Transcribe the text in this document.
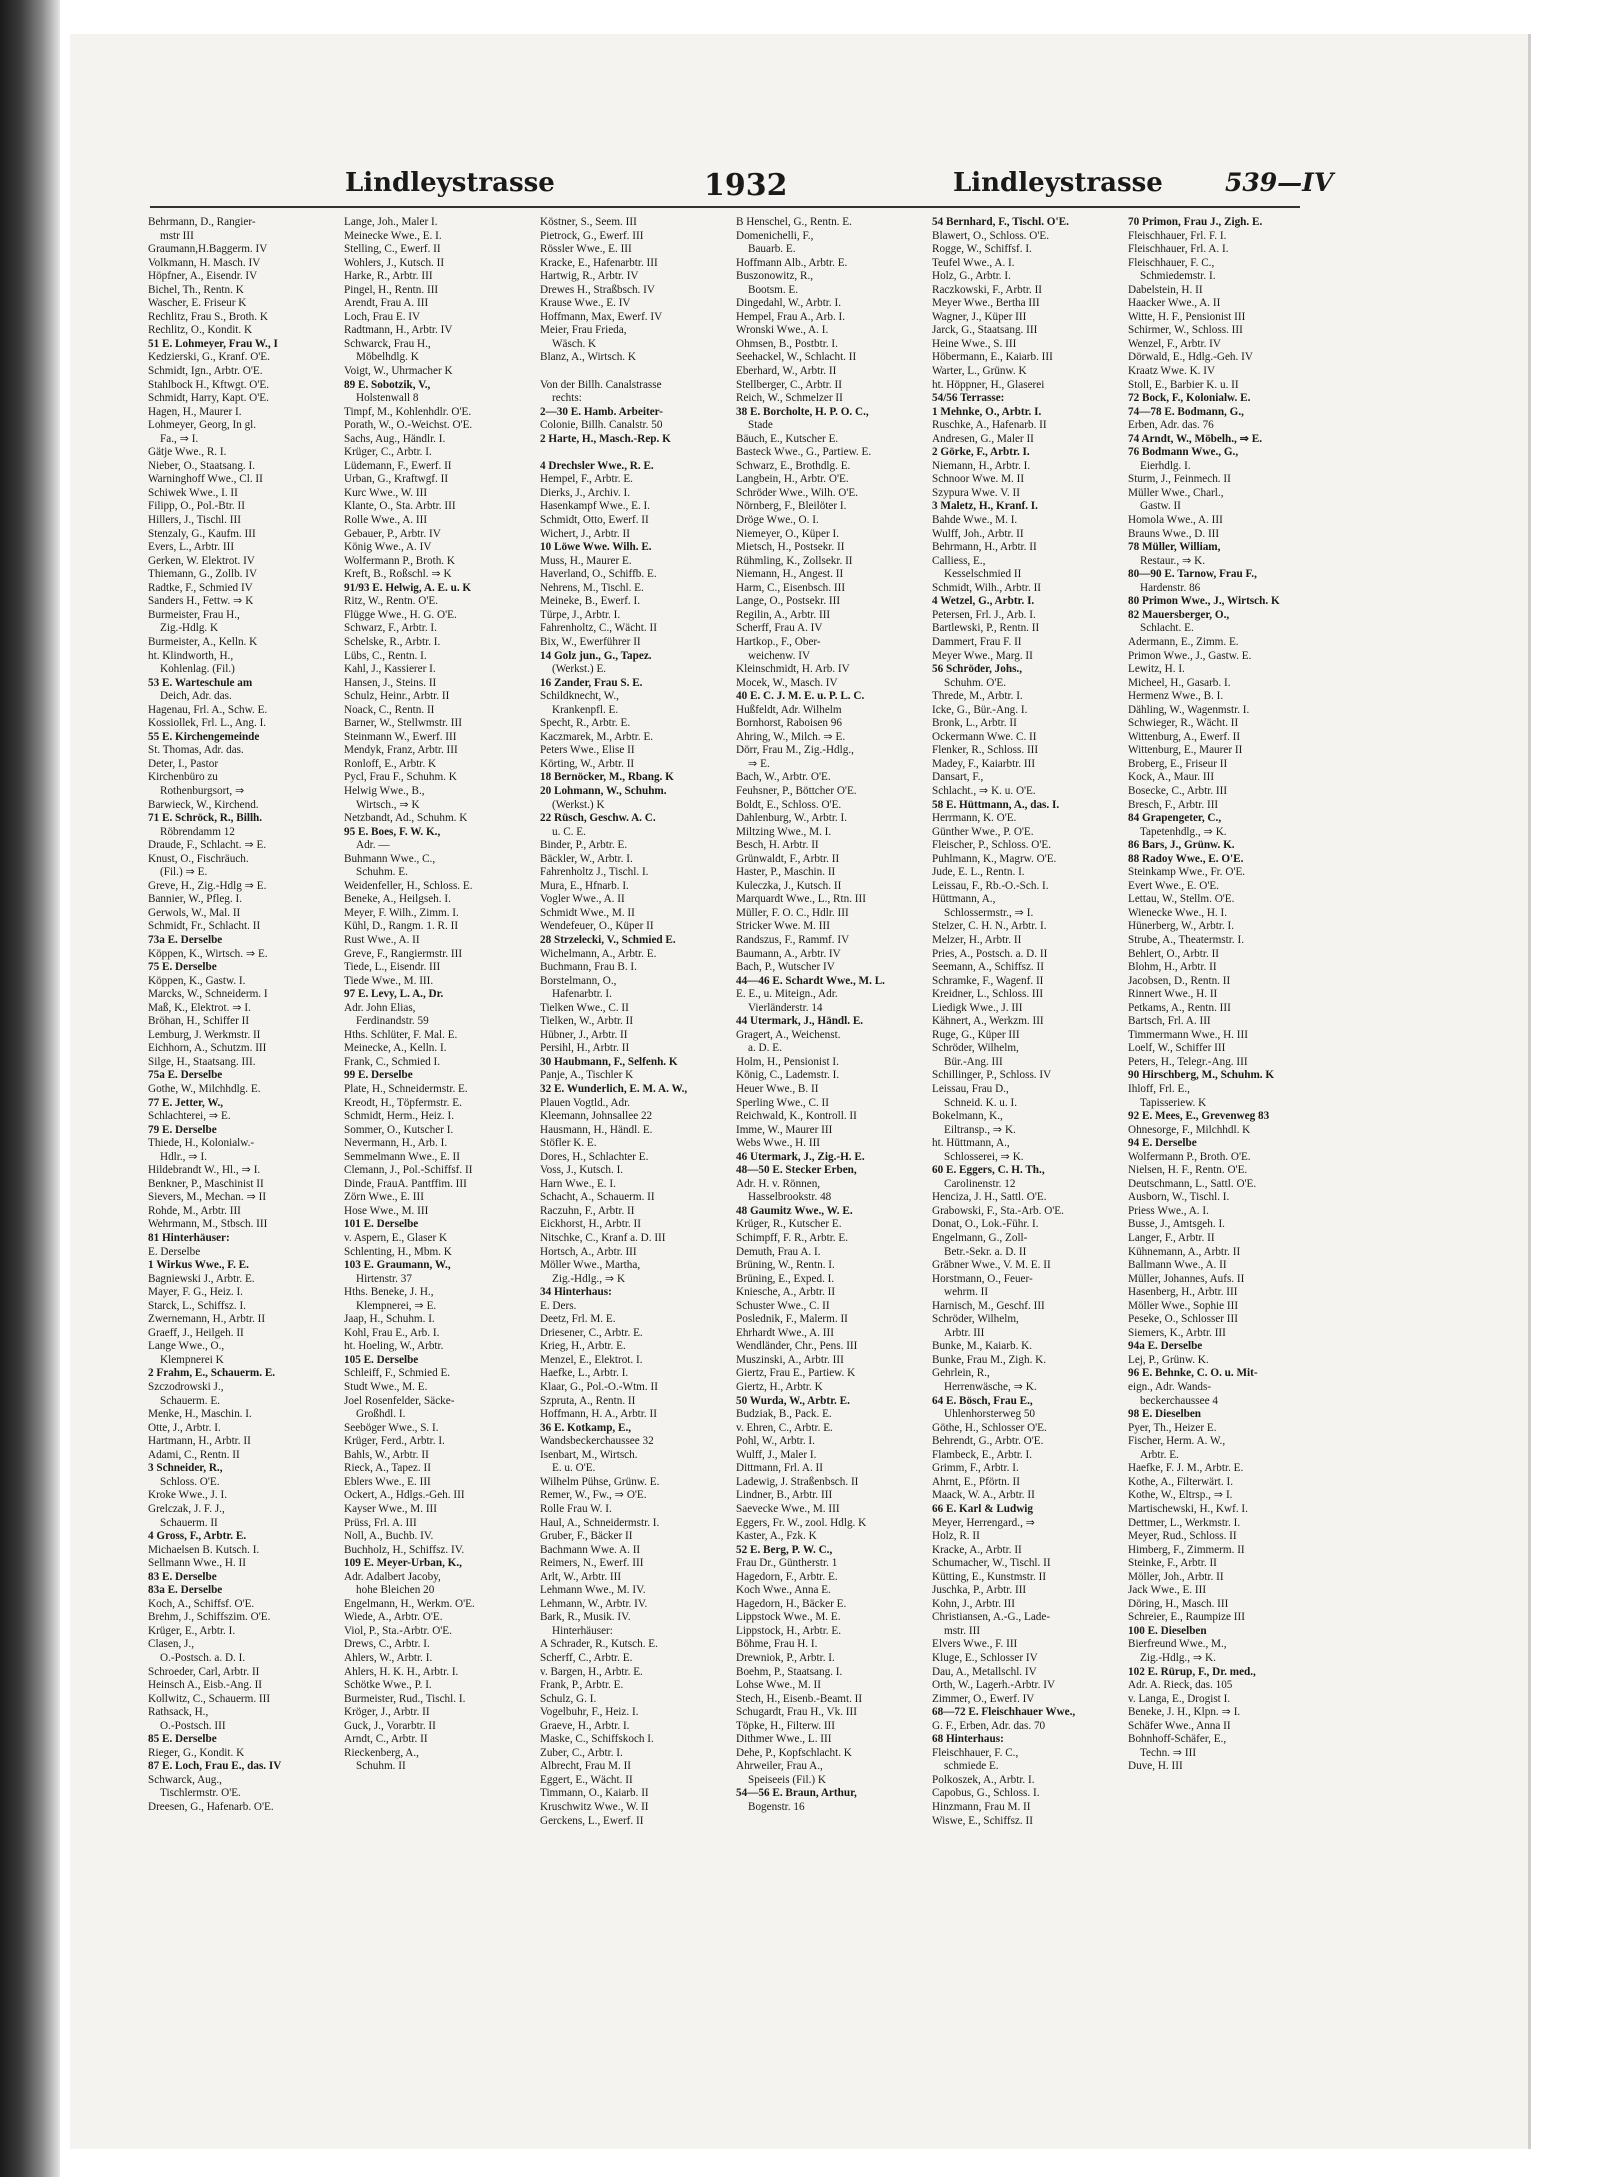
Lindleystrasse	1932	Lindleystrasse 539—IV
Behrmann, D., Rangier-
mstr III
Graumann,H.Baggerm. IV
Volkmann, H. Masch. IV
Höpfner, A., Eisendr. IV
Bichel, Th., Rentn. K
Wascher, E. Friseur K
Rechlitz, Frau S., Broth. K
Rechlitz, O., Kondit. K
51 E. Lohmeyer, Frau W., I
Kedzierski, G., Kranf. O'E.
Schmidt, Ign., Arbtr. O'E.
Stahlbock H., Kftwgt. O'E.
Schmidt, Harry, Kapt. O'E.
Hagen, H., Maurer I.
Lohmeyer, Georg, In gl.
Fa., ⇒ I.
Gätje Wwe., R. I.
Nieber, O., Staatsang. I.
Warninghoff Wwe., Cl. II
Schiwek Wwe., I. II
Filipp, O., Pol.-Btr. II
Hillers, J., Tischl. III
Stenzaly, G., Kaufm. III
Evers, L., Arbtr. III
Gerken, W. Elektrot. IV
Thiemann, G., Zollb. IV
Radtke, F., Schmied IV
Sanders H., Fettw. ⇒ K
Burmeister, Frau H.,
Zig.-Hdlg. K
Burmeister, A., Kelln. K
ht. Klindworth, H.,
Kohlenlag. (Fil.)
53 E. Warteschule am
Deich, Adr. das.
Hagenau, Frl. A., Schw. E.
Kossiollek, Frl. L., Ang. I.
55 E. Kirchengemeinde
St. Thomas, Adr. das.
Deter, I., Pastor
Kirchenbüro zu
Rothenburgsort, ⇒
Barwieck, W., Kirchend.
71 E. Schröck, R., Billh.
Röbrendamm 12
Draude, F., Schlacht. ⇒ E.
Knust, O., Fischräuch.
(Fil.) ⇒ E.
Greve, H., Zig.-Hdlg ⇒ E.
Bannier, W., Pfleg. I.
Gerwols, W., Mal. II
Schmidt, Fr., Schlacht. II
73a E. Derselbe
Köppen, K., Wirtsch. ⇒ E.
75 E. Derselbe
Köppen, K., Gastw. I.
Marcks, W., Schneiderm. I
Maß, K., Elektrot. ⇒ I.
Bröhan, H., Schiffer II
Lemburg, J. Werkmstr. II
Eichhorn, A., Schutzm. III
Silge, H., Staatsang. III.
75a E. Derselbe
Gothe, W., Milchhdlg. E.
77 E. Jetter, W.,
Schlachterei, ⇒ E.
79 E. Derselbe
Thiede, H., Kolonialw.-
Hdlr., ⇒ I.
Hildebrandt W., Hl., ⇒ I.
Benkner, P., Maschinist II
Sievers, M., Mechan. ⇒ II
Rohde, M., Arbtr. III
Wehrmann, M., Stbsch. III
81 Hinterhäuser:
E. Derselbe
1 Wirkus Wwe., F. E.
Bagniewski J., Arbtr. E.
Mayer, F. G., Heiz. I.
Starck, L., Schiffsz. I.
Zwernemann, H., Arbtr. II
Graeff, J., Heilgeh. II
Lange Wwe., O.,
Klempnerei K
2 Frahm, E., Schauerm. E.
Szczodrowski J.,
Schauerm. E.
Menke, H., Maschin. I.
Otte, J., Arbtr. I.
Hartmann, H., Arbtr. II
Adami, C., Rentn. II
3 Schneider, R.,
Schloss. O'E.
Kroke Wwe., J. I.
Grelczak, J. F. J.,
Schauerm. II
4 Gross, F., Arbtr. E.
Michaelsen B. Kutsch. I.
Sellmann Wwe., H. II
83 E. Derselbe
83a E. Derselbe
Koch, A., Schiffsf. O'E.
Brehm, J., Schiffszim. O'E.
Krüger, E., Arbtr. I.
Clasen, J.,
O.-Postsch. a. D. I.
Schroeder, Carl, Arbtr. II
Heinsch A., Eisb.-Ang. II
Kollwitz, C., Schauerm. III
Rathsack, H.,
O.-Postsch. III
85 E. Derselbe
Rieger, G., Kondit. K
87 E. Loch, Frau E., das. IV
Schwarck, Aug.,
Tischlermstr. O'E.
Dreesen, G., Hafenarb. O'E.
Lange, Joh., Maler I.
Meinecke Wwe., E. I.
Stelling, C., Ewerf. II
Wohlers, J., Kutsch. II
Harke, R., Arbtr. III
Pingel, H., Rentn. III
Arendt, Frau A. III
Loch, Frau E. IV
Radtmann, H., Arbtr. IV
Schwarck, Frau H.,
Möbelhdlg. K
Voigt, W., Uhrmacher K
89 E. Sobotzik, V.,
Holstenwall 8
Timpf, M., Kohlenhdlr. O'E.
Porath, W., O.-Weichst. O'E.
Sachs, Aug., Händlr. I.
Krüger, C., Arbtr. I.
Lüdemann, F., Ewerf. II
Urban, G., Kraftwgf. II
Kurc Wwe., W. III
Klante, O., Sta. Arbtr. III
Rolle Wwe., A. III
Gebauer, P., Arbtr. IV
König Wwe., A. IV
Wolfermann P., Broth. K
Kreft, B., Roßschl. ⇒ K
91/93 E. Helwig, A. E. u. K
Ritz, W., Rentn. O'E.
Flügge Wwe., H. G. O'E.
Schwarz, F., Arbtr. I.
Schelske, R., Arbtr. I.
Lübs, C., Rentn. I.
Kahl, J., Kassierer I.
Hansen, J., Steins. II
Schulz, Heinr., Arbtr. II
Noack, C., Rentn. II
Barner, W., Stellwmstr. III
Steinmann W., Ewerf. III
Mendyk, Franz, Arbtr. III
Ronloff, E., Arbtr. K
Pycl, Frau F., Schuhm. K
Helwig Wwe., B.,
Wirtsch., ⇒ K
Netzbandt, Ad., Schuhm. K
95 E. Boes, F. W. K.,
Adr. —
Buhmann Wwe., C.,
Schuhm. E.
Weidenfeller, H., Schloss. E.
Beneke, A., Heilgseh. I.
Meyer, F. Wilh., Zimm. I.
Kühl, D., Rangm. 1. R. II
Rust Wwe., A. II
Greve, F., Rangiermstr. III
Tiede, L., Eisendr. III
Tiede Wwe., M. III.
97 E. Levy, L. A., Dr.
Adr. John Elias,
Ferdinandstr. 59
Hths. Schlüter, F. Mal. E.
Meinecke, A., Kelln. I.
Frank, C., Schmied I.
99 E. Derselbe
Plate, H., Schneidermstr. E.
Kreodt, H., Töpfermstr. E.
Schmidt, Herm., Heiz. I.
Sommer, O., Kutscher I.
Nevermann, H., Arb. I.
Semmelmann Wwe., E. II
Clemann, J., Pol.-Schiffsf. II
Dinde, FrauA. Pantffim. III
Zörn Wwe., E. III
Hose Wwe., M. III
101 E. Derselbe
v. Aspern, E., Glaser K
Schlenting, H., Mbm. K
103 E. Graumann, W.,
Hirtenstr. 37
Hths. Beneke, J. H.,
Klempnerei, ⇒ E.
Jaap, H., Schuhm. I.
Kohl, Frau E., Arb. I.
ht. Hoeling, W., Arbtr.
105 E. Derselbe
Schleiff, F., Schmied E.
Studt Wwe., M. E.
Joel Rosenfelder, Säcke-
Großhdl. I.
Seeböger Wwe., S. I.
Krüger, Ferd., Arbtr. I.
Bahls, W., Arbtr. II
Rieck, A., Tapez. II
Eblers Wwe., E. III
Ockert, A., Hdlgs.-Geh. III
Kayser Wwe., M. III
Prüss, Frl. A. III
Noll, A., Buchb. IV.
Buchholz, H., Schiffsz. IV.
109 E. Meyer-Urban, K.,
Adr. Adalbert Jacoby,
hohe Bleichen 20
Engelmann, H., Werkm. O'E.
Wiede, A., Arbtr. O'E.
Viol, P., Sta.-Arbtr. O'E.
Drews, C., Arbtr. I.
Ahlers, W., Arbtr. I.
Ahlers, H. K. H., Arbtr. I.
Schötke Wwe., P. I.
Burmeister, Rud., Tischl. I.
Kröger, J., Arbtr. II
Guck, J., Vorarbtr. II
Arndt, C., Arbtr. II
Rieckenberg, A.,
Schuhm. II
Köstner, S., Seem. III
Pietrock, G., Ewerf. III
Rössler Wwe., E. III
Kracke, E., Hafenarbtr. III
Hartwig, R., Arbtr. IV
Drewes H., Straßbsch. IV
Krause Wwe., E. IV
Hoffmann, Max, Ewerf. IV
Meier, Frau Frieda,
Wäsch. K
Blanz, A., Wirtsch. K

Von der Billh. Canalstrasse
rechts:
2—30 E. Hamb. Arbeiter-
Colonie, Billh. Canalstr. 50
2 Harte, H., Masch.-Rep. K

4 Drechsler Wwe., R. E.
Hempel, F., Arbtr. E.
Dierks, J., Archiv. I.
Hasenkampf Wwe., E. I.
Schmidt, Otto, Ewerf. II
Wichert, J., Arbtr. II
10 Löwe Wwe. Wilh. E.
Muss, H., Maurer E.
Haverland, O., Schiffb. E.
Nehrens, M., Tischl. E.
Meineke, B., Ewerf. I.
Türpe, J., Arbtr. I.
Fahrenholtz, C., Wächt. II
Bix, W., Ewerführer II
14 Golz jun., G., Tapez.
(Werkst.) E.
16 Zander, Frau S. E.
Schildknecht, W.,
Krankenpfl. E.
Specht, R., Arbtr. E.
Kaczmarek, M., Arbtr. E.
Peters Wwe., Elise II
Körting, W., Arbtr. II
18 Bernöcker, M., Rbang. K
20 Lohmann, W., Schuhm.
(Werkst.) K
22 Rüsch, Geschw. A. C.
u. C. E.
Binder, P., Arbtr. E.
Bäckler, W., Arbtr. I.
Fahrenholtz J., Tischl. I.
Mura, E., Hfnarb. I.
Vogler Wwe., A. II
Schmidt Wwe., M. II
Wendefeuer, O., Küper II
28 Strzelecki, V., Schmied E.
Wichelmann, A., Arbtr. E.
Buchmann, Frau B. I.
Borstelmann, O.,
Hafenarbtr. I.
Tielken Wwe., C. II
Tielken, W., Arbtr. II
Hübner, J., Arbtr. II
Persihl, H., Arbtr. II
30 Haubmann, F., Selfenh. K
Panje, A., Tischler K
32 E. Wunderlich, E. M. A. W.,
Plauen Vogtld., Adr.
Kleemann, Johnsallee 22
Hausmann, H., Händl. E.
Stöfler K. E.
Dores, H., Schlachter E.
Voss, J., Kutsch. I.
Harn Wwe., E. I.
Schacht, A., Schauerm. II
Raczuhn, F., Arbtr. II
Eickhorst, H., Arbtr. II
Nitschke, C., Kranf a. D. III
Hortsch, A., Arbtr. III
Möller Wwe., Martha,
Zig.-Hdlg., ⇒ K
34 Hinterhaus:
E. Ders.
Deetz, Frl. M. E.
Driesener, C., Arbtr. E.
Krieg, H., Arbtr. E.
Menzel, E., Elektrot. I.
Haefke, L., Arbtr. I.
Klaar, G., Pol.-O.-Wtm. II
Szpruta, A., Rentn. II
Hoffmann, H. A., Arbtr. II
36 E. Kotkamp, E.,
Wandsbeckerchaussee 32
Isenbart, M., Wirtsch.
E. u. O'E.
Wilhelm Pühse, Grünw. E.
Remer, W., Fw., ⇒ O'E.
Rolle Frau W. I.
Haul, A., Schneidermstr. I.
Gruber, F., Bäcker II
Bachmann Wwe. A. II
Reimers, N., Ewerf. III
Arlt, W., Arbtr. III
Lehmann Wwe., M. IV.
Lehmann, W., Arbtr. IV.
Bark, R., Musik. IV.
Hinterhäuser:
A Schrader, R., Kutsch. E.
Scherff, C., Arbtr. E.
v. Bargen, H., Arbtr. E.
Frank, P., Arbtr. E.
Schulz, G. I.
Vogelbuhr, F., Heiz. I.
Graeve, H., Arbtr. I.
Maske, C., Schiffskoch I.
Zuber, C., Arbtr. I.
Albrecht, Frau M. II
Eggert, E., Wächt. II
Timmann, O., Kaiarb. II
Kruschwitz Wwe., W. II
Gerckens, L., Ewerf. II
B Henschel, G., Rentn. E.
Domenichelli, F.,
Bauarb. E.
Hoffmann Alb., Arbtr. E.
Buszonowitz, R.,
Bootsm. E.
Dingedahl, W., Arbtr. I.
Hempel, Frau A., Arb. I.
Wronski Wwe., A. I.
Ohmsen, B., Postbtr. I.
Seehackel, W., Schlacht. II
Eberhard, W., Arbtr. II
Stellberger, C., Arbtr. II
Reich, W., Schmelzer II
38 E. Borcholte, H. P. O. C.,
Stade
Bäuch, E., Kutscher E.
Basteck Wwe., G., Partiew. E.
Schwarz, E., Brothdlg. E.
Langbein, H., Arbtr. O'E.
Schröder Wwe., Wilh. O'E.
Nörnberg, F., Bleilöter I.
Dröge Wwe., O. I.
Niemeyer, O., Küper I.
Mietsch, H., Postsekr. II
Rühmling, K., Zollsekr. II
Niemann, H., Angest. II
Harm, C., Eisenbsch. III
Lange, O., Postsekr. III
Regilin, A., Arbtr. III
Scherff, Frau A. IV
Hartkop., F., Ober-
weichenw. IV
Kleinschmidt, H. Arb. IV
Mocek, W., Masch. IV
40 E. C. J. M. E. u. P. L. C.
Hußfeldt, Adr. Wilhelm
Bornhorst, Raboisen 96
Ahring, W., Milch. ⇒ E.
Dörr, Frau M., Zig.-Hdlg.,
⇒ E.
Bach, W., Arbtr. O'E.
Feuhsner, P., Böttcher O'E.
Boldt, E., Schloss. O'E.
Dahlenburg, W., Arbtr. I.
Miltzing Wwe., M. I.
Besch, H. Arbtr. II
Grünwaldt, F., Arbtr. II
Haster, P., Maschin. II
Kuleczka, J., Kutsch. II
Marquardt Wwe., L., Rtn. III
Müller, F. O. C., Hdlr. III
Stricker Wwe. M. III
Randszus, F., Rammf. IV
Baumann, A., Arbtr. IV
Bach, P., Wutscher IV
44—46 E. Schardt Wwe., M. L.
E. E., u. Miteign., Adr.
Vierländerstr. 14
44 Utermark, J., Händl. E.
Gragert, A., Weichenst.
a. D. E.
Holm, H., Pensionist I.
König, C., Lademstr. I.
Heuer Wwe., B. II
Sperling Wwe., C. II
Reichwald, K., Kontroll. II
Imme, W., Maurer III
Webs Wwe., H. III
46 Utermark, J., Zig.-H. E.
48—50 E. Stecker Erben,
Adr. H. v. Rönnen,
Hasselbrookstr. 48
48 Gaumitz Wwe., W. E.
Krüger, R., Kutscher E.
Schimpff, F. R., Arbtr. E.
Demuth, Frau A. I.
Brüning, W., Rentn. I.
Brüning, E., Exped. I.
Kniesche, A., Arbtr. II
Schuster Wwe., C. II
Poslednik, F., Malerm. II
Ehrhardt Wwe., A. III
Wendländer, Chr., Pens. III
Muszinski, A., Arbtr. III
Giertz, Frau E., Partiew. K
Giertz, H., Arbtr. K
50 Wurda, W., Arbtr. E.
Budziak, B., Pack. E.
v. Ehren, C., Arbtr. E.
Pohl, W., Arbtr. I.
Wulff, J., Maler I.
Dittmann, Frl. A. II
Ladewig, J. Straßenbsch. II
Lindner, B., Arbtr. III
Saevecke Wwe., M. III
Eggers, Fr. W., zool. Hdlg. K
Kaster, A., Fzk. K
52 E. Berg, P. W. C.,
Frau Dr., Güntherstr. 1
Hagedorn, F., Arbtr. E.
Koch Wwe., Anna E.
Hagedorn, H., Bäcker E.
Lippstock Wwe., M. E.
Lippstock, H., Arbtr. E.
Böhme, Frau H. I.
Drewniok, P., Arbtr. I.
Boehm, P., Staatsang. I.
Lohse Wwe., M. II
Stech, H., Eisenb.-Beamt. II
Schugardt, Frau H., Vk. III
Töpke, H., Filterw. III
Dithmer Wwe., L. III
Dehe, P., Kopfschlacht. K
Ahrweiler, Frau A.,
Speiseeis (Fil.) K
54—56 E. Braun, Arthur,
Bogenstr. 16
54 Bernhard, F., Tischl. O'E.
Blawert, O., Schloss. O'E.
Rogge, W., Schiffsf. I.
Teufel Wwe., A. I.
Holz, G., Arbtr. I.
Raczkowski, F., Arbtr. II
Meyer Wwe., Bertha III
Wagner, J., Küper III
Jarck, G., Staatsang. III
Heine Wwe., S. III
Höbermann, E., Kaiarb. III
Warter, L., Grünw. K
ht. Höppner, H., Glaserei
54/56 Terrasse:
1 Mehnke, O., Arbtr. I.
Ruschke, A., Hafenarb. II
Andresen, G., Maler II
2 Görke, F., Arbtr. I.
Niemann, H., Arbtr. I.
Schnoor Wwe. M. II
Szypura Wwe. V. II
3 Maletz, H., Kranf. I.
Bahde Wwe., M. I.
Wulff, Joh., Arbtr. II
Behrmann, H., Arbtr. II
Calliess, E.,
Kesselschmied II
Schmidt, Wilh., Arbtr. II
4 Wetzel, G., Arbtr. I.
Petersen, Frl. J., Arb. I.
Bartlewski, P., Rentn. II
Dammert, Frau F. II
Meyer Wwe., Marg. II
56 Schröder, Johs.,
Schuhm. O'E.
Threde, M., Arbtr. I.
Icke, G., Bür.-Ang. I.
Bronk, L., Arbtr. II
Ockermann Wwe. C. II
Flenker, R., Schloss. III
Madey, F., Kaiarbtr. III
Dansart, F.,
Schlacht., ⇒ K. u. O'E.
58 E. Hüttmann, A., das. I.
Herrmann, K. O'E.
Günther Wwe., P. O'E.
Fleischer, P., Schloss. O'E.
Puhlmann, K., Magrw. O'E.
Jude, E. L., Rentn. I.
Leissau, F., Rb.-O.-Sch. I.
Hüttmann, A.,
Schlossermstr., ⇒ I.
Stelzer, C. H. N., Arbtr. I.
Melzer, H., Arbtr. II
Pries, A., Postsch. a. D. II
Seemann, A., Schiffsz. II
Schramke, F., Wagenf. II
Kreidner, L., Schloss. III
Liedigk Wwe., J. III
Kähnert, A., Werkzm. III
Ruge, G., Küper III
Schröder, Wilhelm,
Bür.-Ang. III
Schillinger, P., Schloss. IV
Leissau, Frau D.,
Schneid. K. u. I.
Bokelmann, K.,
Eiltransp., ⇒ K.
ht. Hüttmann, A.,
Schlosserei, ⇒ K.
60 E. Eggers, C. H. Th.,
Carolinenstr. 12
Henciza, J. H., Sattl. O'E.
Grabowski, F., Sta.-Arb. O'E.
Donat, O., Lok.-Führ. I.
Engelmann, G., Zoll-
Betr.-Sekr. a. D. II
Gräbner Wwe., V. M. E. II
Horstmann, O., Feuer-
wehrm. II
Harnisch, M., Geschf. III
Schröder, Wilhelm,
Arbtr. III
Bunke, M., Kaiarb. K.
Bunke, Frau M., Zigh. K.
Gehrlein, R.,
Herrenwäsche, ⇒ K.
64 E. Bösch, Frau E.,
Uhlenhorsterweg 50
Göthe, H., Schlosser O'E.
Behrendt, G., Arbtr. O'E.
Flambeck, E., Arbtr. I.
Grimm, F., Arbtr. I.
Ahrnt, E., Pförtn. II
Maack, W. A., Arbtr. II
66 E. Karl & Ludwig
Meyer, Herrengard., ⇒
Holz, R. II
Kracke, A., Arbtr. II
Schumacher, W., Tischl. II
Kütting, E., Kunstmstr. II
Juschka, P., Arbtr. III
Kohn, J., Arbtr. III
Christiansen, A.-G., Lade-
mstr. III
Elvers Wwe., F. III
Kluge, E., Schlosser IV
Dau, A., Metallschl. IV
Orth, W., Lagerh.-Arbtr. IV
Zimmer, O., Ewerf. IV
68—72 E. Fleischhauer Wwe.,
G. F., Erben, Adr. das. 70
68 Hinterhaus:
Fleischhauer, F. C.,
schmiede E.
Polkoszek, A., Arbtr. I.
Capobus, G., Schloss. I.
Hinzmann, Frau M. II
Wiswe, E., Schiffsz. II
70 Primon, Frau J., Zigh. E.
Fleischhauer, Frl. F. I.
Fleischhauer, Frl. A. I.
Fleischhauer, F. C.,
Schmiedemstr. I.
Dabelstein, H. II
Haacker Wwe., A. II
Witte, H. F., Pensionist III
Schirmer, W., Schloss. III
Wenzel, F., Arbtr. IV
Dörwald, E., Hdlg.-Geh. IV
Kraatz Wwe. K. IV
Stoll, E., Barbier K. u. II
72 Bock, F., Kolonialw. E.
74—78 E. Bodmann, G.,
Erben, Adr. das. 76
74 Arndt, W., Möbelh., ⇒ E.
76 Bodmann Wwe., G.,
Eierhdlg. I.
Sturm, J., Feinmech. II
Müller Wwe., Charl.,
Gastw. II
Homola Wwe., A. III
Brauns Wwe., D. III
78 Müller, William,
Restaur., ⇒ K.
80—90 E. Tarnow, Frau F.,
Hardenstr. 86
80 Primon Wwe., J., Wirtsch. K
82 Mauersberger, O.,
Schlacht. E.
Adermann, E., Zimm. E.
Primon Wwe., J., Gastw. E.
Lewitz, H. I.
Micheel, H., Gasarb. I.
Hermenz Wwe., B. I.
Dähling, W., Wagenmstr. I.
Schwieger, R., Wächt. II
Wittenburg, A., Ewerf. II
Wittenburg, E., Maurer II
Broberg, E., Friseur II
Kock, A., Maur. III
Bosecke, C., Arbtr. III
Bresch, F., Arbtr. III
84 Grapengeter, C.,
Tapetenhdlg., ⇒ K.
86 Bars, J., Grünw. K.
88 Radoy Wwe., E. O'E.
Steinkamp Wwe., Fr. O'E.
Evert Wwe., E. O'E.
Lettau, W., Stellm. O'E.
Wienecke Wwe., H. I.
Hünerberg, W., Arbtr. I.
Strube, A., Theatermstr. I.
Behlert, O., Arbtr. II
Blohm, H., Arbtr. II
Jacobsen, D., Rentn. II
Rinnert Wwe., H. II
Petkams, A., Rentn. III
Bartsch, Frl. A. III
Timmermann Wwe., H. III
Loelf, W., Schiffer III
Peters, H., Telegr.-Ang. III
90 Hirschberg, M., Schuhm. K
Ihloff, Frl. E.,
Tapisseriew. K
92 E. Mees, E., Grevenweg 83
Ohnesorge, F., Milchhdl. K
94 E. Derselbe
Wolfermann P., Broth. O'E.
Nielsen, H. F., Rentn. O'E.
Deutschmann, L., Sattl. O'E.
Ausborn, W., Tischl. I.
Priess Wwe., A. I.
Busse, J., Amtsgeh. I.
Langer, F., Arbtr. II
Kühnemann, A., Arbtr. II
Ballmann Wwe., A. II
Müller, Johannes, Aufs. II
Hasenberg, H., Arbtr. III
Möller Wwe., Sophie III
Peseke, O., Schlosser III
Siemers, K., Arbtr. III
94a E. Derselbe
Lej, P., Grünw. K.
96 E. Behnke, C. O. u. Mit-
eign., Adr. Wands-
beckerchaussee 4
98 E. Dieselben
Pyer, Th., Heizer E.
Fischer, Herm. A. W.,
Arbtr. E.
Haefke, F. J. M., Arbtr. E.
Kothe, A., Filterwärt. I.
Kothe, W., Eltrsp., ⇒ I.
Martischewski, H., Kwf. I.
Dettmer, L., Werkmstr. I.
Meyer, Rud., Schloss. II
Himberg, F., Zimmerm. II
Steinke, F., Arbtr. II
Möller, Joh., Arbtr. II
Jack Wwe., E. III
Döring, H., Masch. III
Schreier, E., Raumpize III
100 E. Dieselben
Bierfreund Wwe., M.,
Zig.-Hdlg., ⇒ K.
102 E. Rürup, F., Dr. med.,
Adr. A. Rieck, das. 105
v. Langa, E., Drogist I.
Beneke, J. H., Klpn. ⇒ I.
Schäfer Wwe., Anna II
Bohnhoff-Schäfer, E.,
Techn. ⇒ III
Duve, H. III
